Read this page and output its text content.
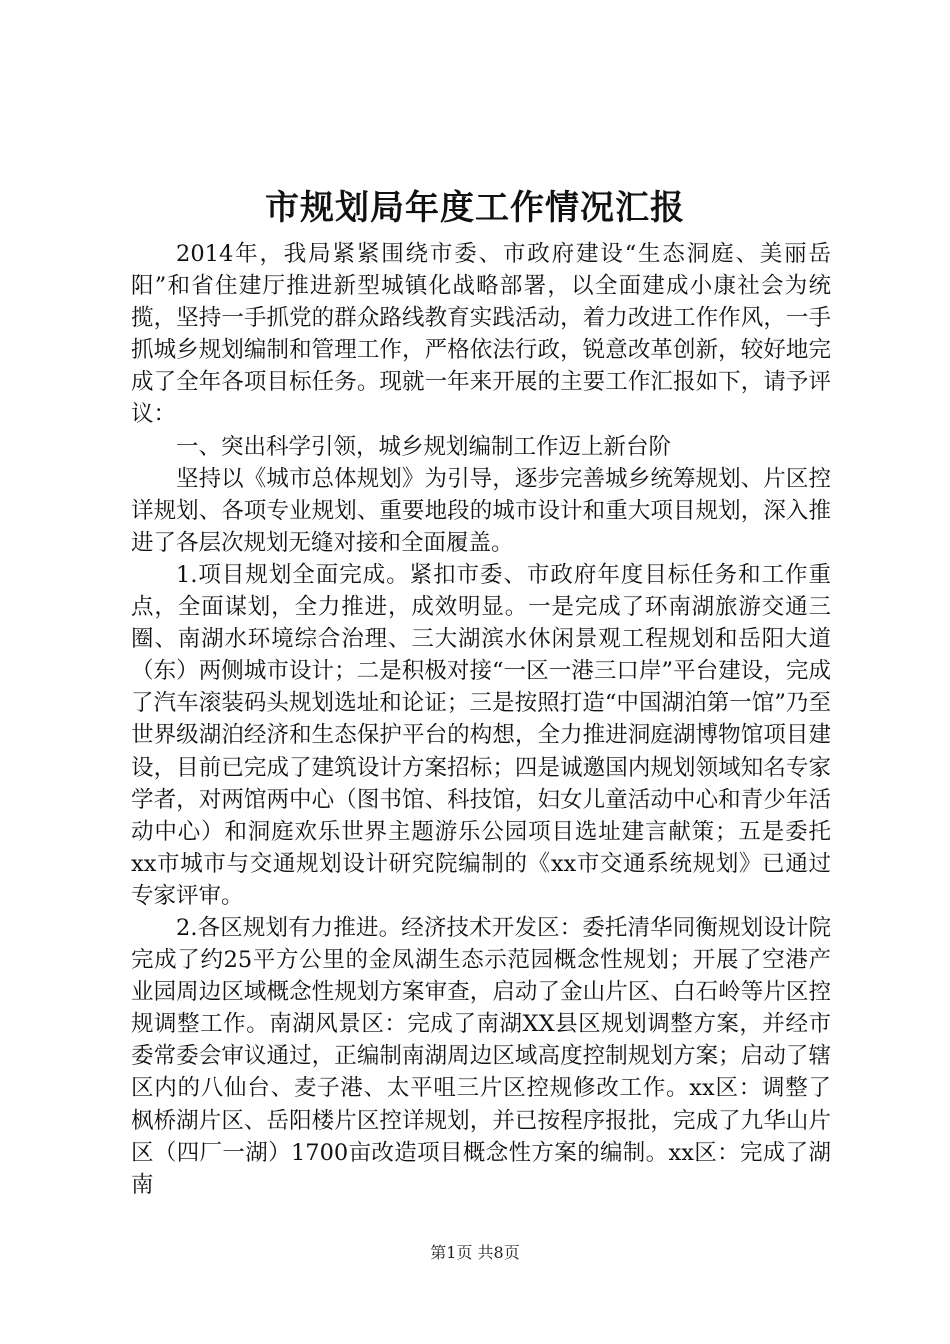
市规划局年度工作情况汇报

2014年，我局紧紧围绕市委、市政府建设“生态洞庭、美丽岳阳”和省住建厅推进新型城镇化战略部署，以全面建成小康社会为统揽，坚持一手抓党的群众路线教育实践活动，着力改进工作作风，一手抓城乡规划编制和管理工作，严格依法行政，锐意改革创新，较好地完成了全年各项目标任务。现就一年来开展的主要工作汇报如下，请予评议：

一、突出科学引领，城乡规划编制工作迈上新台阶

坚持以《城市总体规划》为引导，逐步完善城乡统筹规划、片区控详规划、各项专业规划、重要地段的城市设计和重大项目规划，深入推进了各层次规划无缝对接和全面履盖。

1.项目规划全面完成。紧扣市委、市政府年度目标任务和工作重点，全面谋划，全力推进，成效明显。一是完成了环南湖旅游交通三圈、南湖水环境综合治理、三大湖滨水休闲景观工程规划和岳阳大道（东）两侧城市设计；二是积极对接“一区一港三口岸”平台建设，完成了汽车滚装码头规划选址和论证；三是按照打造“中国湖泊第一馆”乃至世界级湖泊经济和生态保护平台的构想，全力推进洞庭湖博物馆项目建设，目前已完成了建筑设计方案招标；四是诚邀国内规划领域知名专家学者，对两馆两中心（图书馆、科技馆，妇女儿童活动中心和青少年活动中心）和洞庭欢乐世界主题游乐公园项目选址建言献策；五是委托xx市城市与交通规划设计研究院编制的《xx市交通系统规划》已通过专家评审。

2.各区规划有力推进。经济技术开发区：委托清华同衡规划设计院完成了约25平方公里的金凤湖生态示范园概念性规划；开展了空港产业园周边区域概念性规划方案审查，启动了金山片区、白石岭等片区控规调整工作。南湖风景区：完成了南湖XX县区规划调整方案，并经市委常委会审议通过，正编制南湖周边区域高度控制规划方案；启动了辖区内的八仙台、麦子港、太平咀三片区控规修改工作。xx区：调整了枫桥湖片区、岳阳楼片区控详规划，并已按程序报批，完成了九华山片区（四厂一湖）1700亩改造项目概念性方案的编制。xx区：完成了湖南

第1页 共8页
